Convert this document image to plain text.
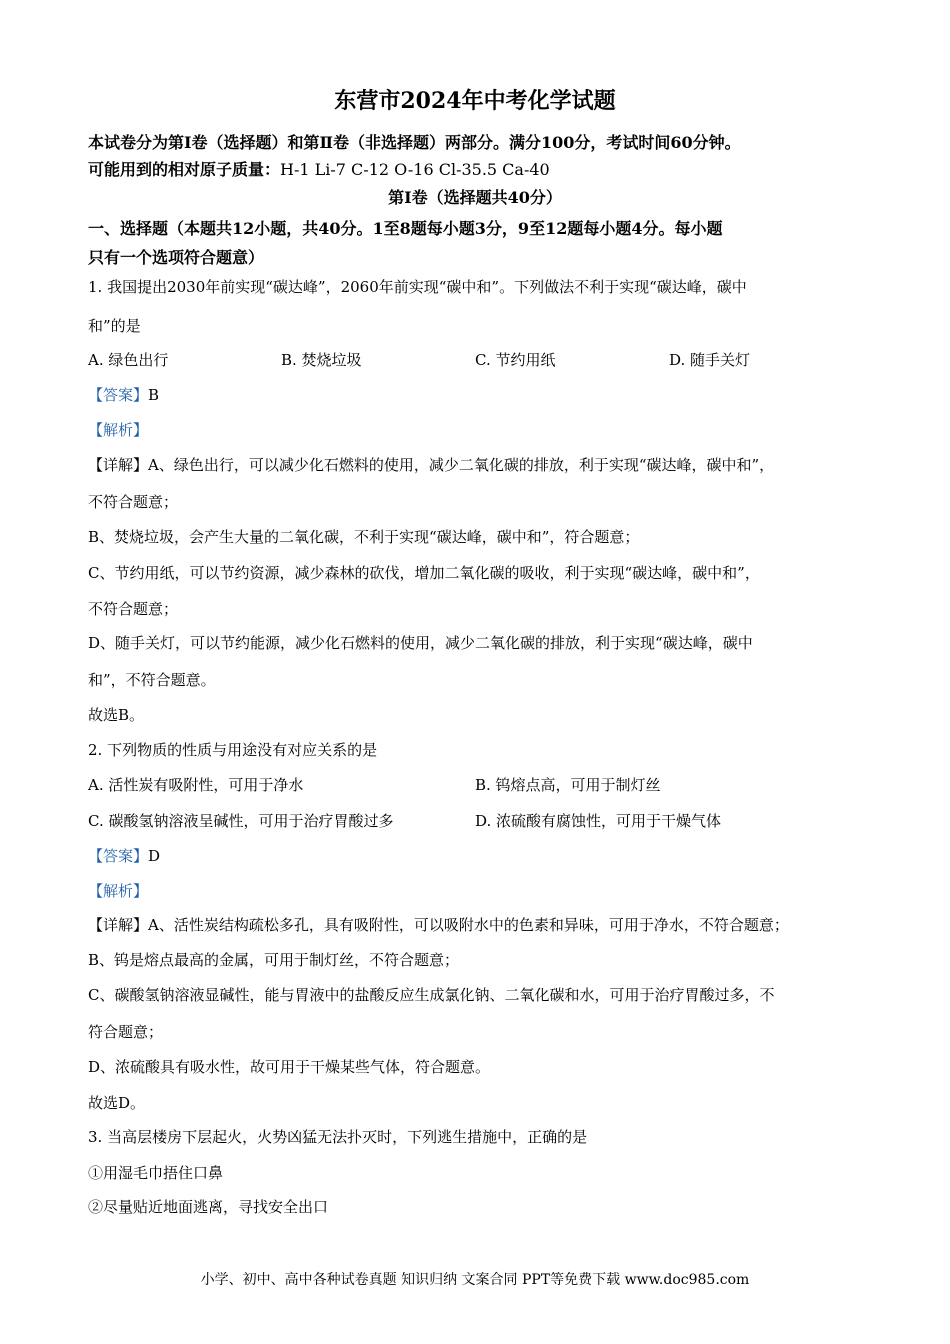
东营市2024年中考化学试题
本试卷分为第Ⅰ卷（选择题）和第Ⅱ卷（非选择题）两部分。满分100分，考试时间60分钟。
可能用到的相对原子质量：H-1 Li-7 C-12 O-16 Cl-35.5 Ca-40
第Ⅰ卷（选择题共40分）
一、选择题（本题共12小题，共40分。1至8题每小题3分，9至12题每小题4分。每小题
只有一个选项符合题意）
1. 我国提出2030年前实现“碳达峰”，2060年前实现“碳中和”。下列做法不利于实现“碳达峰，碳中
和”的是
A. 绿色出行	B. 焚烧垃圾	C. 节约用纸	D. 随手关灯
【答案】B
【解析】
【详解】A、绿色出行，可以减少化石燃料的使用，减少二氧化碳的排放，利于实现“碳达峰，碳中和”，
不符合题意；
B、焚烧垃圾，会产生大量的二氧化碳，不利于实现“碳达峰，碳中和”，符合题意；
C、节约用纸，可以节约资源，减少森林的砍伐，增加二氧化碳的吸收，利于实现“碳达峰，碳中和”，
不符合题意；
D、随手关灯，可以节约能源，减少化石燃料的使用，减少二氧化碳的排放，利于实现“碳达峰，碳中
和”，不符合题意。
故选B。
2. 下列物质的性质与用途没有对应关系的是
A. 活性炭有吸附性，可用于净水	B. 钨熔点高，可用于制灯丝
C. 碳酸氢钠溶液呈碱性，可用于治疗胃酸过多	D. 浓硫酸有腐蚀性，可用于干燥气体
【答案】D
【解析】
【详解】A、活性炭结构疏松多孔，具有吸附性，可以吸附水中的色素和异味，可用于净水，不符合题意；
B、钨是熔点最高的金属，可用于制灯丝，不符合题意；
C、碳酸氢钠溶液显碱性，能与胃液中的盐酸反应生成氯化钠、二氧化碳和水，可用于治疗胃酸过多，不
符合题意；
D、浓硫酸具有吸水性，故可用于干燥某些气体，符合题意。
故选D。
3. 当高层楼房下层起火，火势凶猛无法扑灭时，下列逃生措施中，正确的是
①用湿毛巾捂住口鼻
②尽量贴近地面逃离，寻找安全出口
小学、初中、高中各种试卷真题 知识归纳 文案合同 PPT等免费下载 www.doc985.com
